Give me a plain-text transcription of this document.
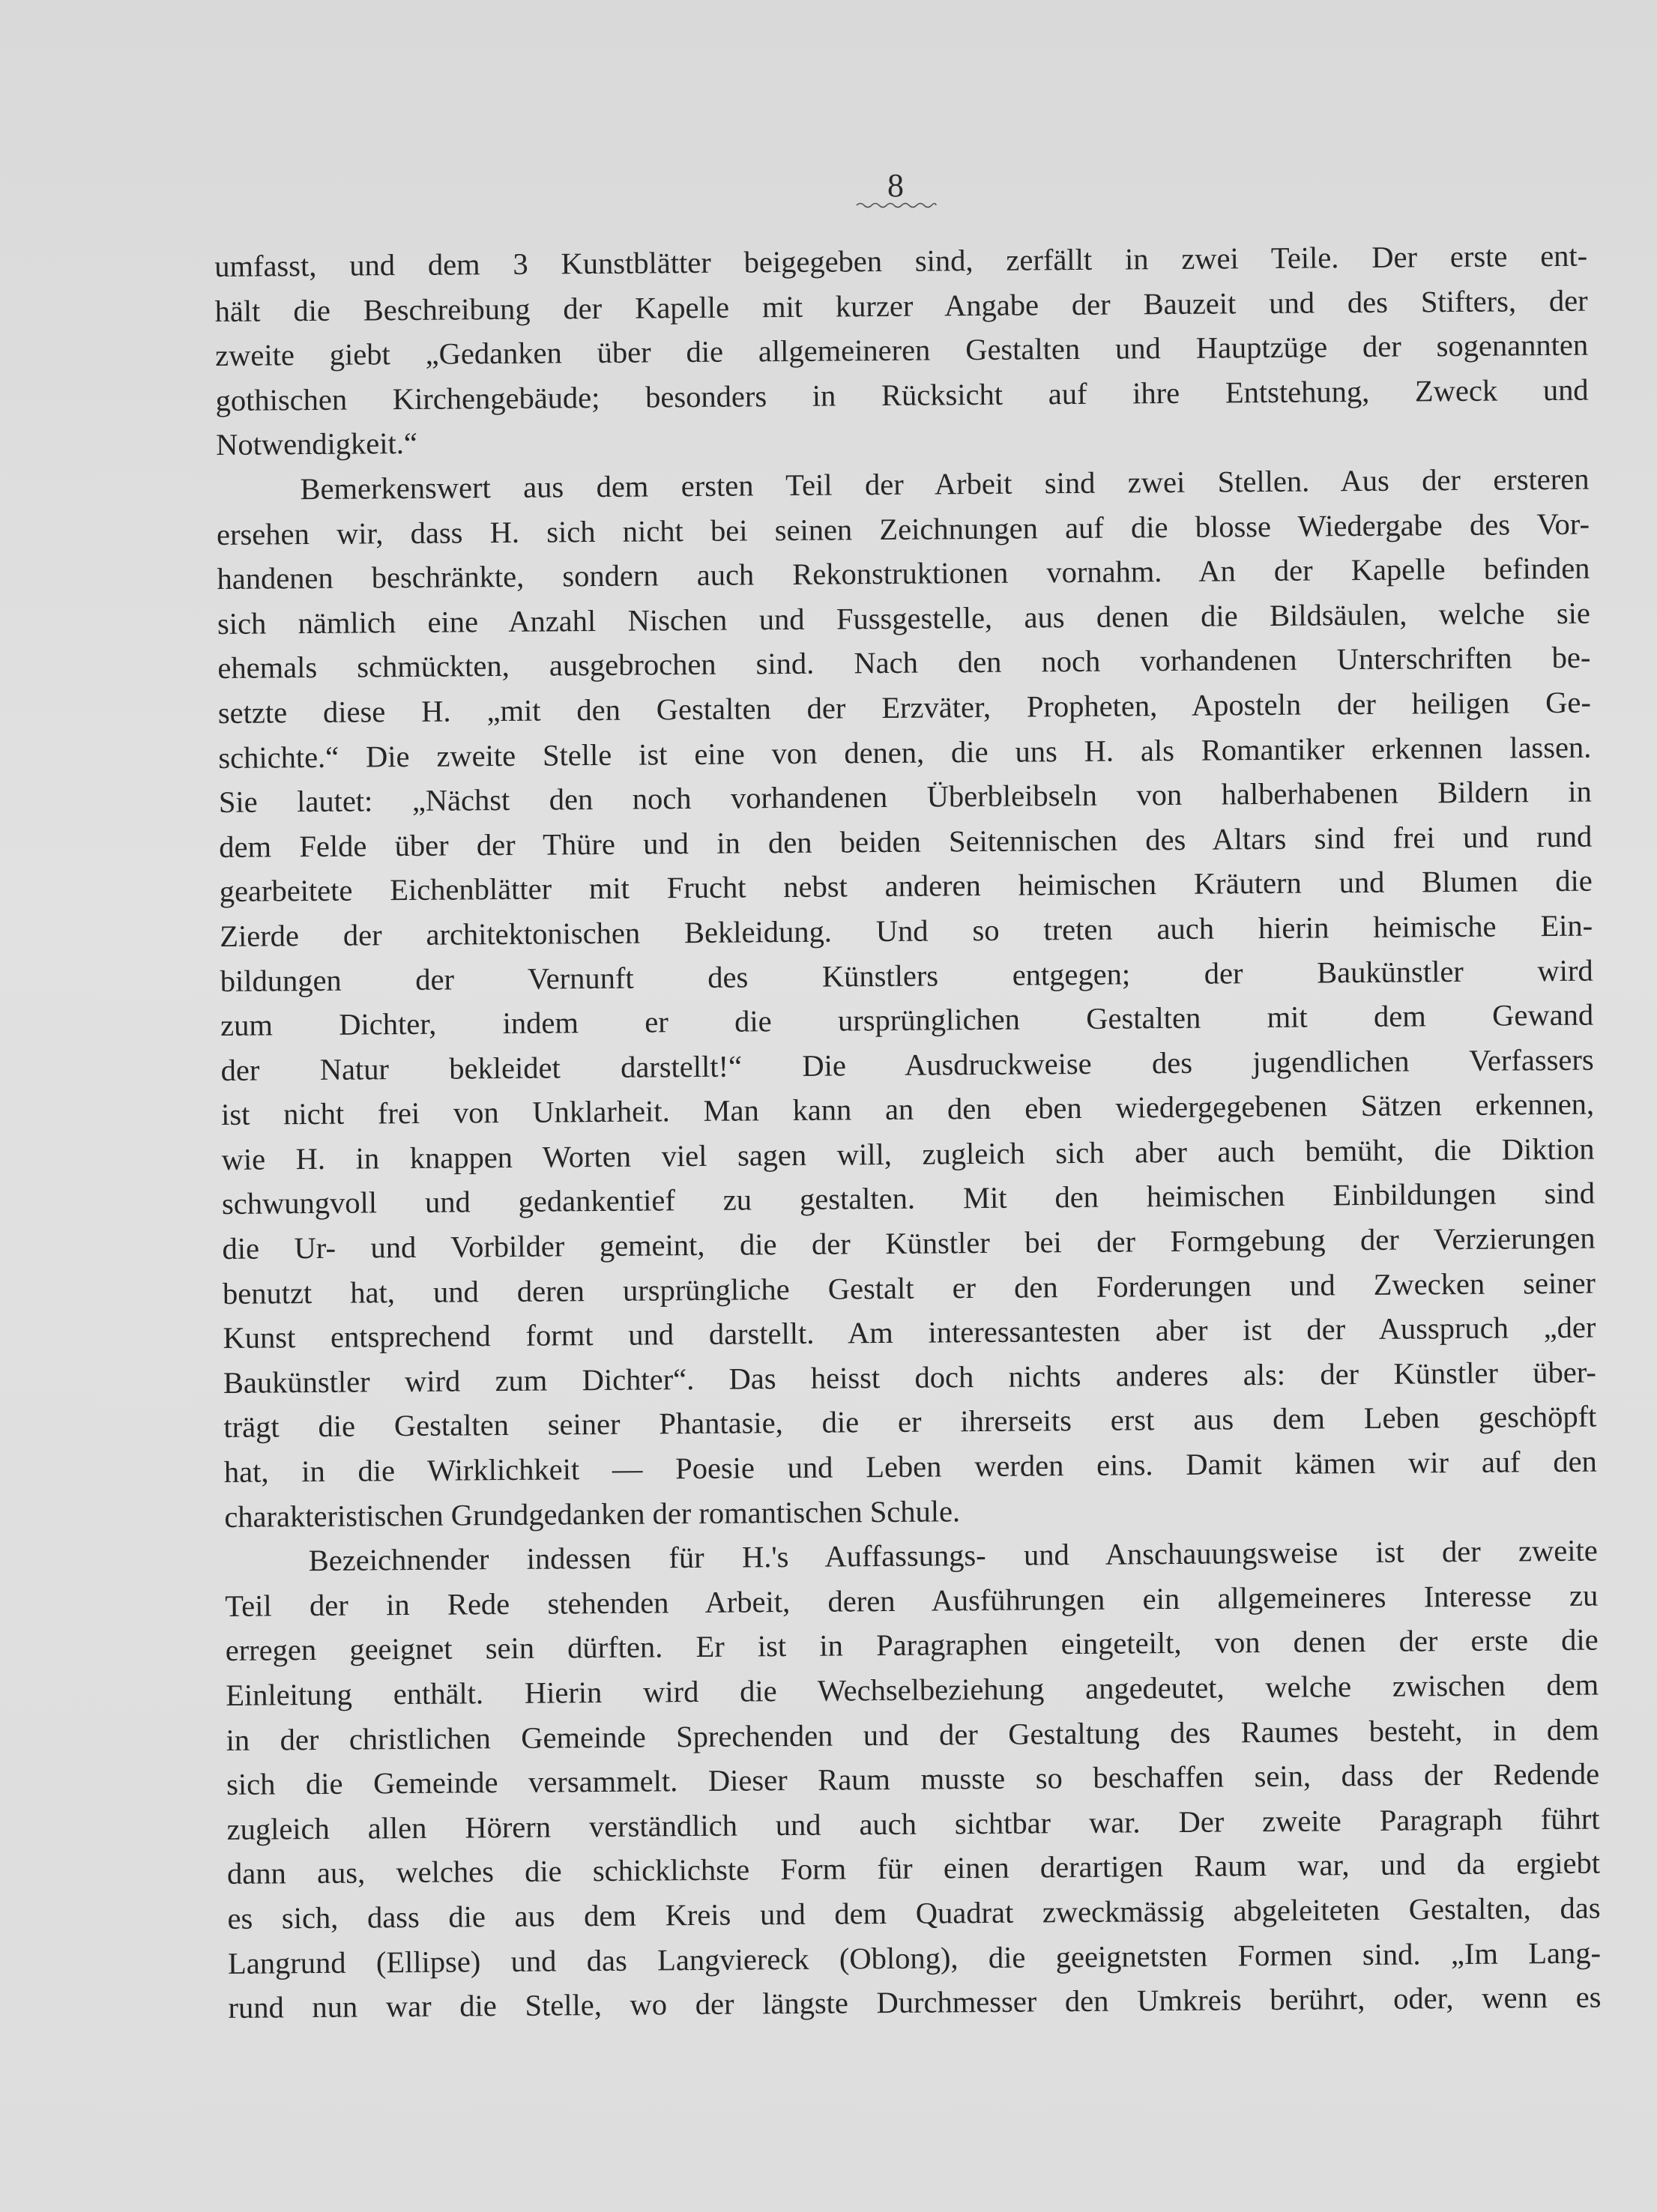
8
umfasst, und dem 3 Kunstblätter beigegeben sind, zerfällt in zwei Teile. Der erste ent-
hält die Beschreibung der Kapelle mit kurzer Angabe der Bauzeit und des Stifters, der
zweite giebt „Gedanken über die allgemeineren Gestalten und Hauptzüge der sogenannten
gothischen Kirchengebäude; besonders in Rücksicht auf ihre Entstehung, Zweck und
Notwendigkeit.“
Bemerkenswert aus dem ersten Teil der Arbeit sind zwei Stellen. Aus der ersteren
ersehen wir, dass H. sich nicht bei seinen Zeichnungen auf die blosse Wiedergabe des Vor-
handenen beschränkte, sondern auch Rekonstruktionen vornahm. An der Kapelle befinden
sich nämlich eine Anzahl Nischen und Fussgestelle, aus denen die Bildsäulen, welche sie
ehemals schmückten, ausgebrochen sind. Nach den noch vorhandenen Unterschriften be-
setzte diese H. „mit den Gestalten der Erzväter, Propheten, Aposteln der heiligen Ge-
schichte.“ Die zweite Stelle ist eine von denen, die uns H. als Romantiker erkennen lassen.
Sie lautet: „Nächst den noch vorhandenen Überbleibseln von halberhabenen Bildern in
dem Felde über der Thüre und in den beiden Seitennischen des Altars sind frei und rund
gearbeitete Eichenblätter mit Frucht nebst anderen heimischen Kräutern und Blumen die
Zierde der architektonischen Bekleidung. Und so treten auch hierin heimische Ein-
bildungen der Vernunft des Künstlers entgegen; der Baukünstler wird
zum Dichter, indem er die ursprünglichen Gestalten mit dem Gewand
der Natur bekleidet darstellt!“ Die Ausdruckweise des jugendlichen Verfassers
ist nicht frei von Unklarheit. Man kann an den eben wiedergegebenen Sätzen erkennen,
wie H. in knappen Worten viel sagen will, zugleich sich aber auch bemüht, die Diktion
schwungvoll und gedankentief zu gestalten. Mit den heimischen Einbildungen sind
die Ur- und Vorbilder gemeint, die der Künstler bei der Formgebung der Verzierungen
benutzt hat, und deren ursprüngliche Gestalt er den Forderungen und Zwecken seiner
Kunst entsprechend formt und darstellt. Am interessantesten aber ist der Ausspruch „der
Baukünstler wird zum Dichter“. Das heisst doch nichts anderes als: der Künstler über-
trägt die Gestalten seiner Phantasie, die er ihrerseits erst aus dem Leben geschöpft
hat, in die Wirklichkeit — Poesie und Leben werden eins. Damit kämen wir auf den
charakteristischen Grundgedanken der romantischen Schule.
Bezeichnender indessen für H.'s Auffassungs- und Anschauungsweise ist der zweite
Teil der in Rede stehenden Arbeit, deren Ausführungen ein allgemeineres Interesse zu
erregen geeignet sein dürften. Er ist in Paragraphen eingeteilt, von denen der erste die
Einleitung enthält. Hierin wird die Wechselbeziehung angedeutet, welche zwischen dem
in der christlichen Gemeinde Sprechenden und der Gestaltung des Raumes besteht, in dem
sich die Gemeinde versammelt. Dieser Raum musste so beschaffen sein, dass der Redende
zugleich allen Hörern verständlich und auch sichtbar war. Der zweite Paragraph führt
dann aus, welches die schicklichste Form für einen derartigen Raum war, und da ergiebt
es sich, dass die aus dem Kreis und dem Quadrat zweckmässig abgeleiteten Gestalten, das
Langrund (Ellipse) und das Langviereck (Oblong), die geeignetsten Formen sind. „Im Lang-
rund nun war die Stelle, wo der längste Durchmesser den Umkreis berührt, oder, wenn es
